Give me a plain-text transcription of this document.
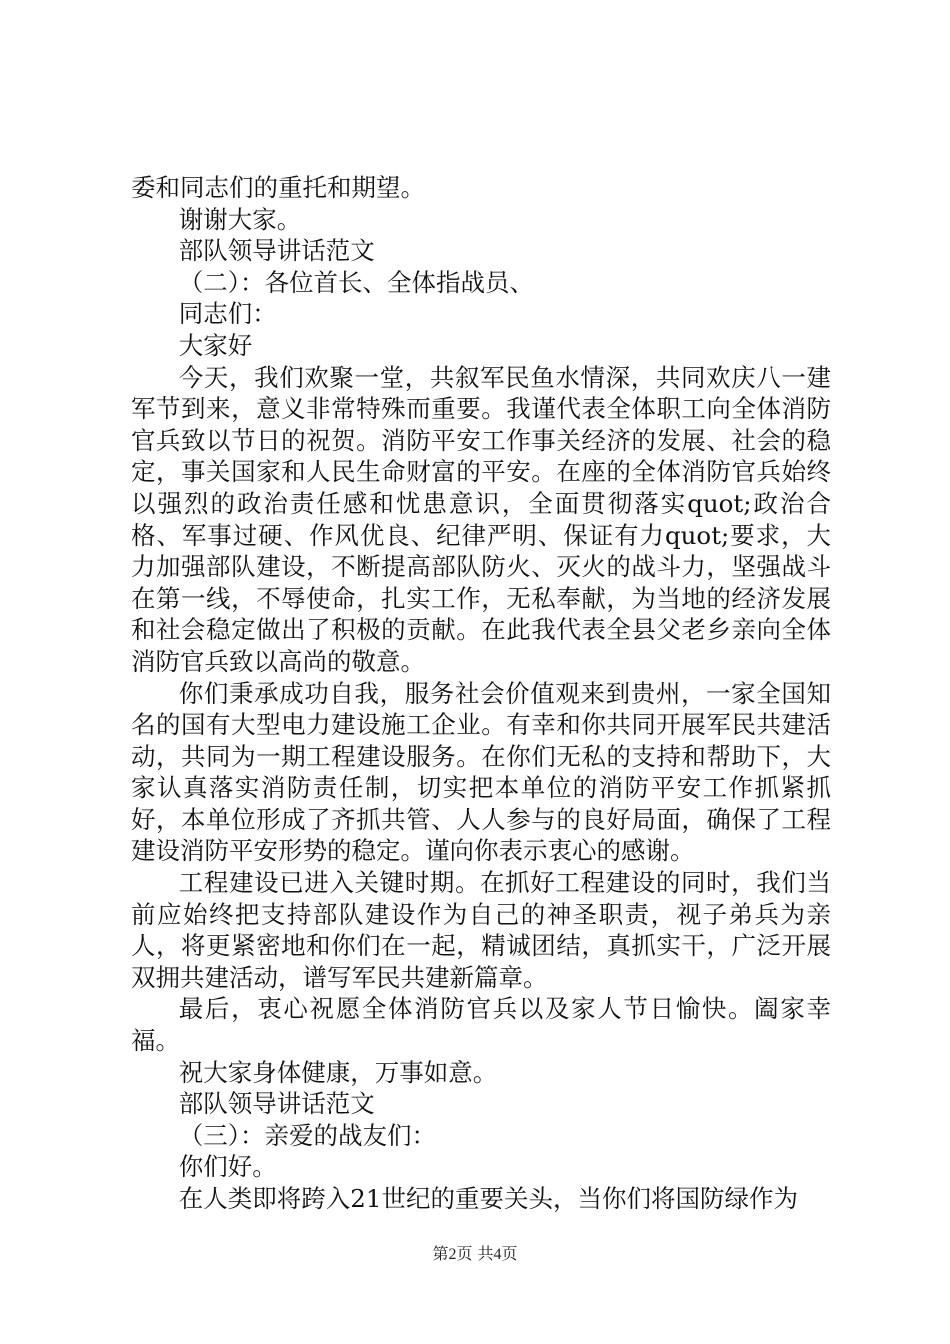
委和同志们的重托和期望。

谢谢大家。

部队领导讲话范文

（二）：各位首长、全体指战员、

同志们：

大家好

今天，我们欢聚一堂，共叙军民鱼水情深，共同欢庆八一建军节到来，意义非常特殊而重要。我谨代表全体职工向全体消防官兵致以节日的祝贺。消防平安工作事关经济的发展、社会的稳定，事关国家和人民生命财富的平安。在座的全体消防官兵始终以强烈的政治责任感和忧患意识，全面贯彻落实quot;政治合格、军事过硬、作风优良、纪律严明、保证有力quot;要求，大力加强部队建设，不断提高部队防火、灭火的战斗力，坚强战斗在第一线，不辱使命，扎实工作，无私奉献，为当地的经济发展和社会稳定做出了积极的贡献。在此我代表全县父老乡亲向全体消防官兵致以高尚的敬意。

你们秉承成功自我，服务社会价值观来到贵州，一家全国知名的国有大型电力建设施工企业。有幸和你共同开展军民共建活动，共同为一期工程建设服务。在你们无私的支持和帮助下，大家认真落实消防责任制，切实把本单位的消防平安工作抓紧抓好，本单位形成了齐抓共管、人人参与的良好局面，确保了工程建设消防平安形势的稳定。谨向你表示衷心的感谢。

工程建设已进入关键时期。在抓好工程建设的同时，我们当前应始终把支持部队建设作为自己的神圣职责，视子弟兵为亲人，将更紧密地和你们在一起，精诚团结，真抓实干，广泛开展双拥共建活动，谱写军民共建新篇章。

最后，衷心祝愿全体消防官兵以及家人节日愉快。阖家幸福。

祝大家身体健康，万事如意。

部队领导讲话范文

（三）：亲爱的战友们：

你们好。

在人类即将跨入21世纪的重要关头，当你们将国防绿作为

第2页 共4页
